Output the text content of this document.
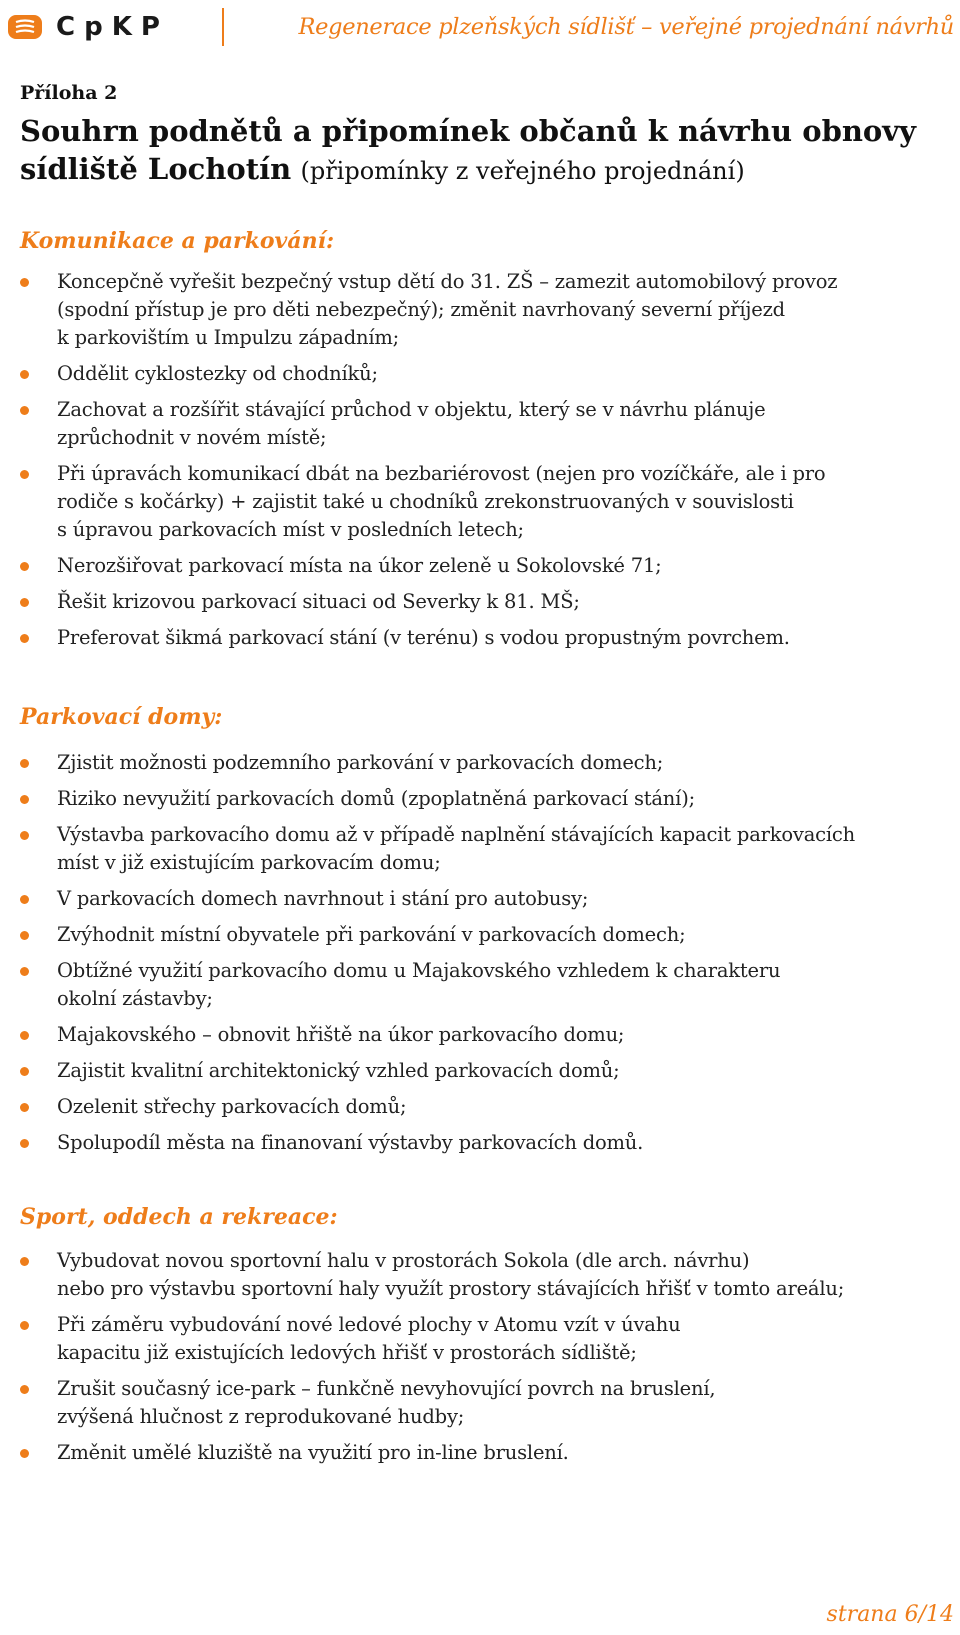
CpKP	Regenerace plzeňských sídlišť – veřejné projednání návrhů
Příloha 2
Souhrn podnětů a připomínek občanů k návrhu obnovy sídliště Lochotín (připomínky z veřejného projednání)
Komunikace a parkování:
Koncepčně vyřešit bezpečný vstup dětí do 31. ZŠ – zamezit automobilový provoz
(spodní přístup je pro děti nebezpečný); změnit navrhovaný severní příjezd
k parkovištím u Impulzu západním;
Oddělit cyklostezky od chodníků;
Zachovat a rozšířit stávající průchod v objektu, který se v návrhu plánuje
zprůchodnit v novém místě;
Při úpravách komunikací dbát na bezbariérovost (nejen pro vozíčkáře, ale i pro
rodiče s kočárky) + zajistit také u chodníků zrekonstruovaných v souvislosti
s úpravou parkovacích míst v posledních letech;
Nerozšiřovat parkovací místa na úkor zeleně u Sokolovské 71;
Řešit krizovou parkovací situaci od Severky k 81. MŠ;
Preferovat šikmá parkovací stání (v terénu) s vodou propustným povrchem.
Parkovací domy:
Zjistit možnosti podzemního parkování v parkovacích domech;
Riziko nevyužití parkovacích domů (zpoplatněná parkovací stání);
Výstavba parkovacího domu až v případě naplnění stávajících kapacit parkovacích
míst v již existujícím parkovacím domu;
V parkovacích domech navrhnout i stání pro autobusy;
Zvýhodnit místní obyvatele při parkování v parkovacích domech;
Obtížné využití parkovacího domu u Majakovského vzhledem k charakteru
okolní zástavby;
Majakovského – obnovit hřiště na úkor parkovacího domu;
Zajistit kvalitní architektonický vzhled parkovacích domů;
Ozelenit střechy parkovacích domů;
Spolupodíl města na finanovaní výstavby parkovacích domů.
Sport, oddech a rekreace:
Vybudovat novou sportovní halu v prostorách Sokola (dle arch. návrhu)
nebo pro výstavbu sportovní haly využít prostory stávajících hřišť v tomto areálu;
Při záměru vybudování nové ledové plochy v Atomu vzít v úvahu
kapacitu již existujících ledových hřišť v prostorách sídliště;
Zrušit současný ice-park – funkčně nevyhovující povrch na bruslení,
zvýšená hlučnost z reprodukované hudby;
Změnit umělé kluziště na využití pro in-line bruslení.
strana 6/14
